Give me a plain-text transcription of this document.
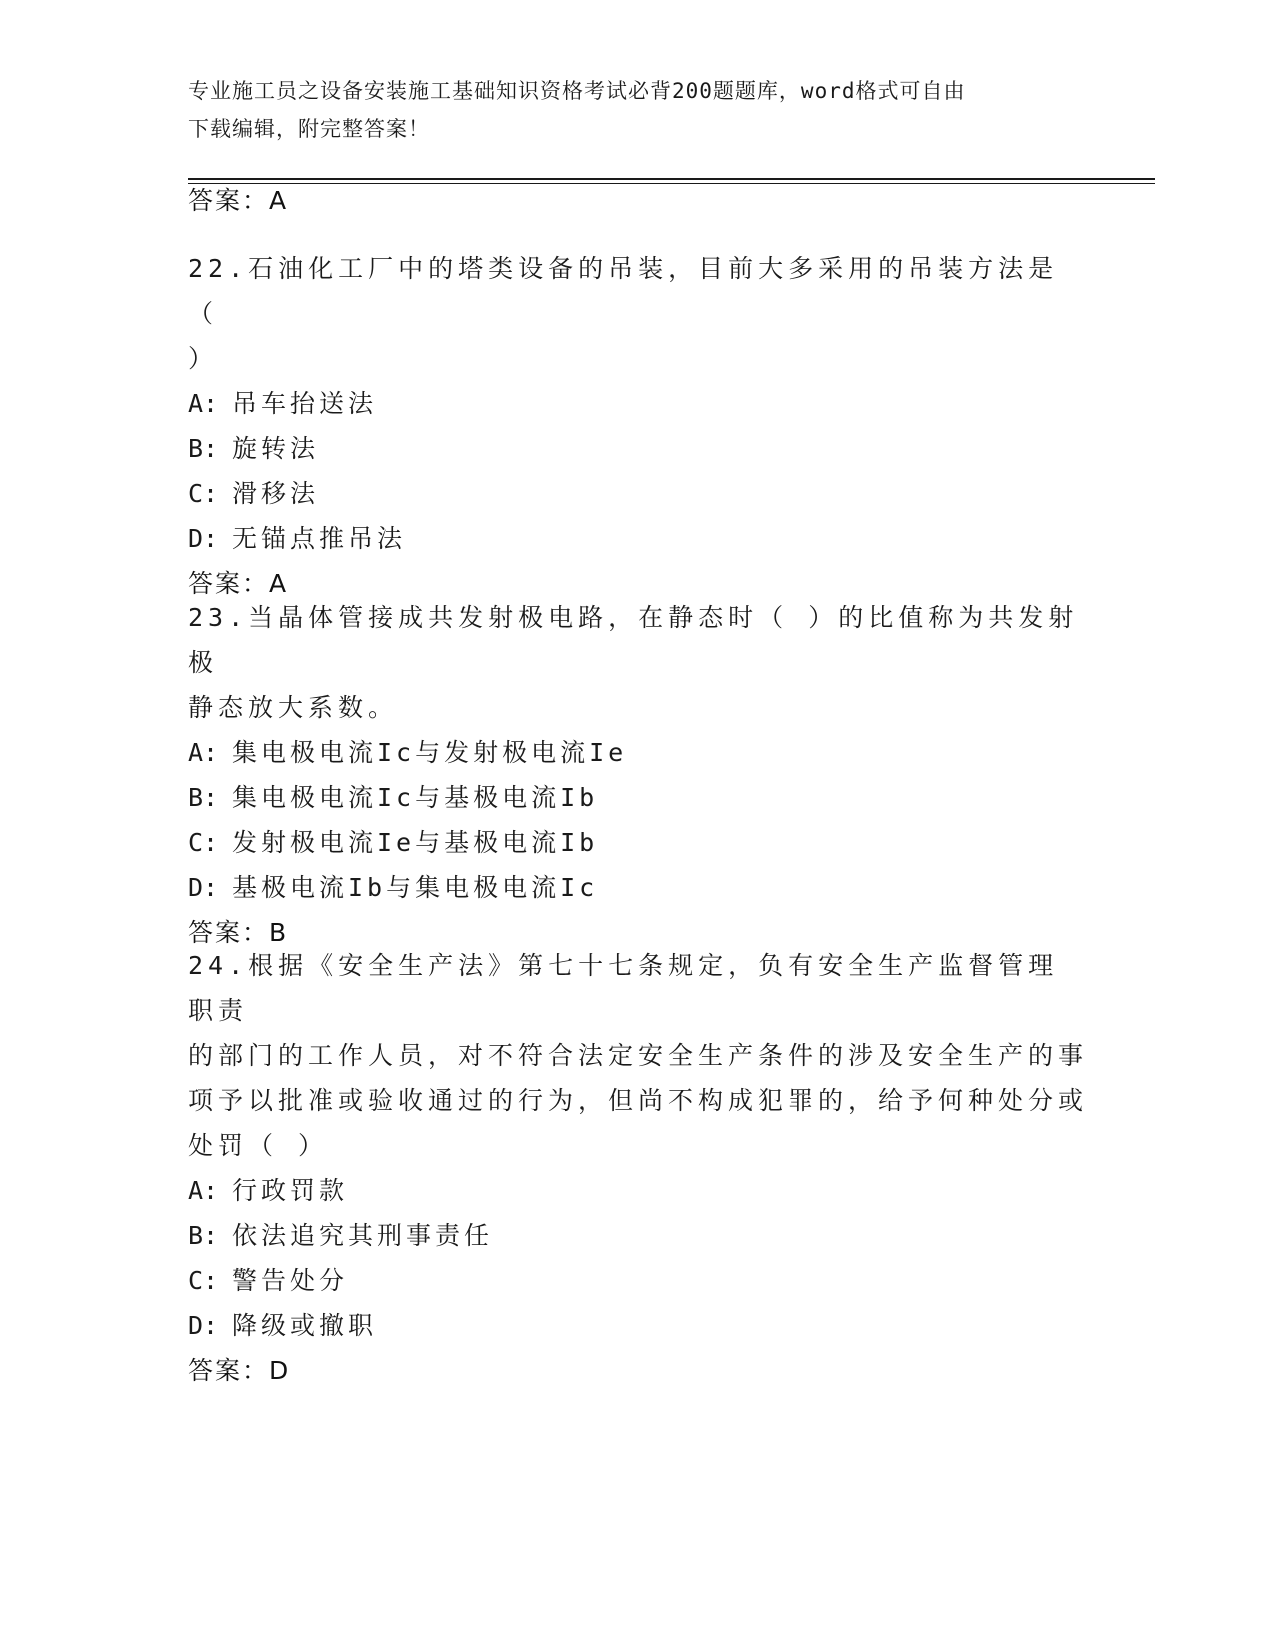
专业施工员之设备安装施工基础知识资格考试必背200题题库，word格式可自由
下载编辑，附完整答案！
答案：A
22.石油化工厂中的塔类设备的吊装，目前大多采用的吊装方法是（
）
A: 吊车抬送法
B: 旋转法
C: 滑移法
D: 无锚点推吊法
答案：A
23.当晶体管接成共发射极电路，在静态时（ ）的比值称为共发射极
静态放大系数。
A: 集电极电流Ic与发射极电流Ie
B: 集电极电流Ic与基极电流Ib
C: 发射极电流Ie与基极电流Ib
D: 基极电流Ib与集电极电流Ic
答案：B
24.根据《安全生产法》第七十七条规定，负有安全生产监督管理职责
的部门的工作人员，对不符合法定安全生产条件的涉及安全生产的事
项予以批准或验收通过的行为，但尚不构成犯罪的，给予何种处分或
处罚（ ）
A: 行政罚款
B: 依法追究其刑事责任
C: 警告处分
D: 降级或撤职
答案：D
